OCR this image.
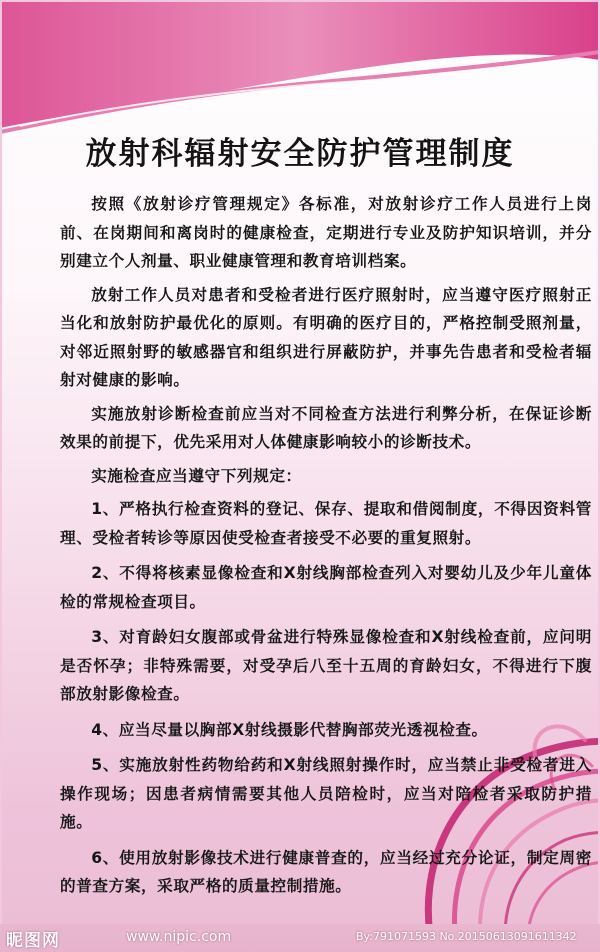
放射科辐射安全防护管理制度

按照《放射诊疗管理规定》各标准，对放射诊疗工作人员进行上岗前、在岗期间和离岗时的健康检查，定期进行专业及防护知识培训，并分别建立个人剂量、职业健康管理和教育培训档案。

放射工作人员对患者和受检者进行医疗照射时，应当遵守医疗照射正当化和放射防护最优化的原则。有明确的医疗目的，严格控制受照剂量，对邻近照射野的敏感器官和组织进行屏蔽防护，并事先告患者和受检者辐射对健康的影响。

实施放射诊断检查前应当对不同检查方法进行利弊分析，在保证诊断效果的前提下，优先采用对人体健康影响较小的诊断技术。

实施检查应当遵守下列规定：

1、严格执行检查资料的登记、保存、提取和借阅制度，不得因资料管理、受检者转诊等原因使受检查者接受不必要的重复照射。

2、不得将核素显像检查和X射线胸部检查列入对婴幼儿及少年儿童体检的常规检查项目。

3、对育龄妇女腹部或骨盆进行特殊显像检查和X射线检查前，应问明是否怀孕；非特殊需要，对受孕后八至十五周的育龄妇女，不得进行下腹部放射影像检查。

4、应当尽量以胸部X射线摄影代替胸部荧光透视检查。

5、实施放射性药物给药和X射线照射操作时，应当禁止非受检者进入操作现场；因患者病情需要其他人员陪检时，应当对陪检者采取防护措施。

6、使用放射影像技术进行健康普查的，应当经过充分论证，制定周密的普查方案，采取严格的质量控制措施。

昵图网	www.nipic.com	By:791071593 No.20150613091611342
